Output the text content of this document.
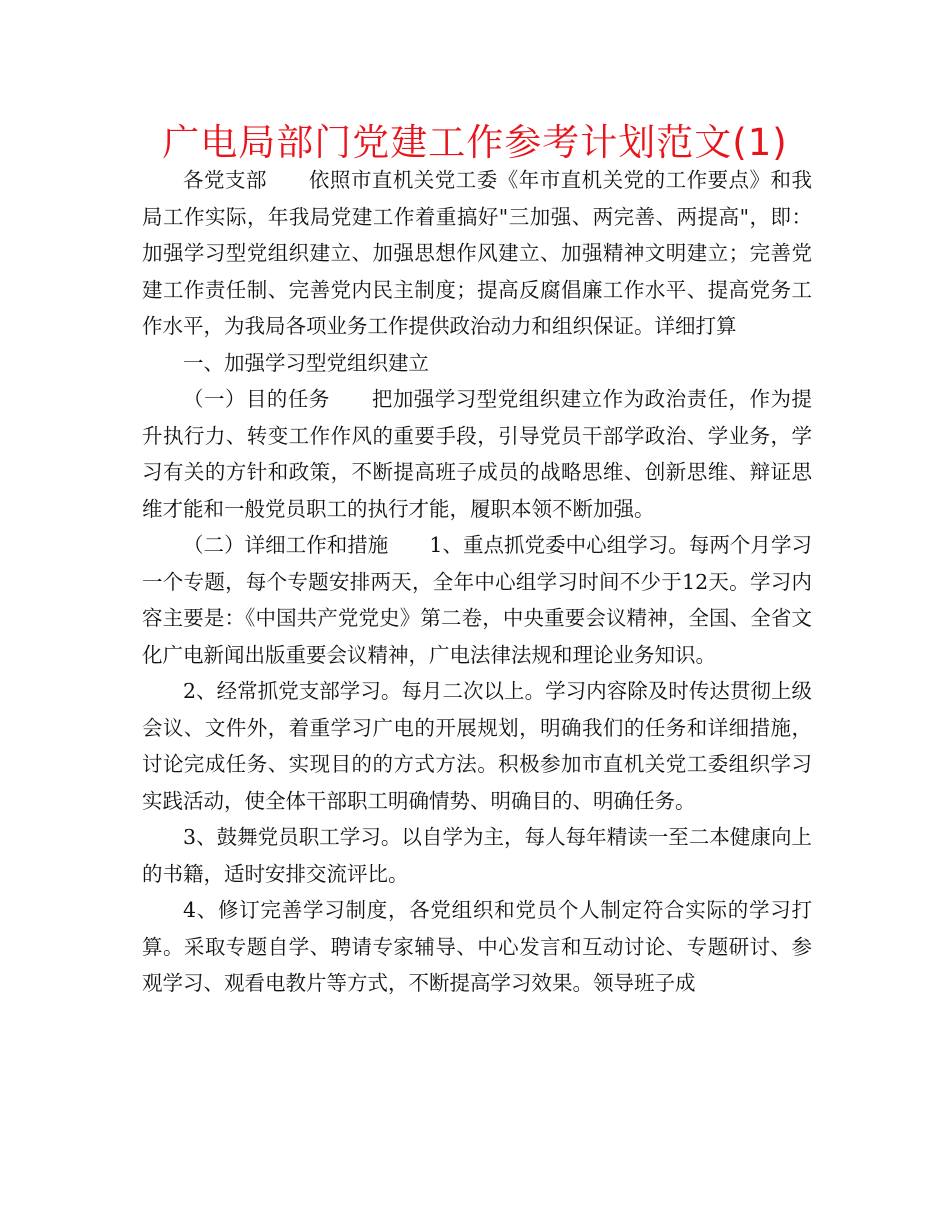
广电局部门党建工作参考计划范文(1)

各党支部　　依照市直机关党工委《年市直机关党的工作要点》和我局工作实际，年我局党建工作着重搞好"三加强、两完善、两提高"，即：加强学习型党组织建立、加强思想作风建立、加强精神文明建立；完善党建工作责任制、完善党内民主制度；提高反腐倡廉工作水平、提高党务工作水平，为我局各项业务工作提供政治动力和组织保证。详细打算

一、加强学习型党组织建立

（一）目的任务　　把加强学习型党组织建立作为政治责任，作为提升执行力、转变工作作风的重要手段，引导党员干部学政治、学业务，学习有关的方针和政策，不断提高班子成员的战略思维、创新思维、辩证思维才能和一般党员职工的执行才能，履职本领不断加强。

（二）详细工作和措施　　1、重点抓党委中心组学习。每两个月学习一个专题，每个专题安排两天，全年中心组学习时间不少于12天。学习内容主要是：《中国共产党党史》第二卷，中央重要会议精神，全国、全省文化广电新闻出版重要会议精神，广电法律法规和理论业务知识。

2、经常抓党支部学习。每月二次以上。学习内容除及时传达贯彻上级会议、文件外，着重学习广电的开展规划，明确我们的任务和详细措施，讨论完成任务、实现目的的方式方法。积极参加市直机关党工委组织学习实践活动，使全体干部职工明确情势、明确目的、明确任务。

3、鼓舞党员职工学习。以自学为主，每人每年精读一至二本健康向上的书籍，适时安排交流评比。

4、修订完善学习制度，各党组织和党员个人制定符合实际的学习打算。采取专题自学、聘请专家辅导、中心发言和互动讨论、专题研讨、参观学习、观看电教片等方式，不断提高学习效果。领导班子成
